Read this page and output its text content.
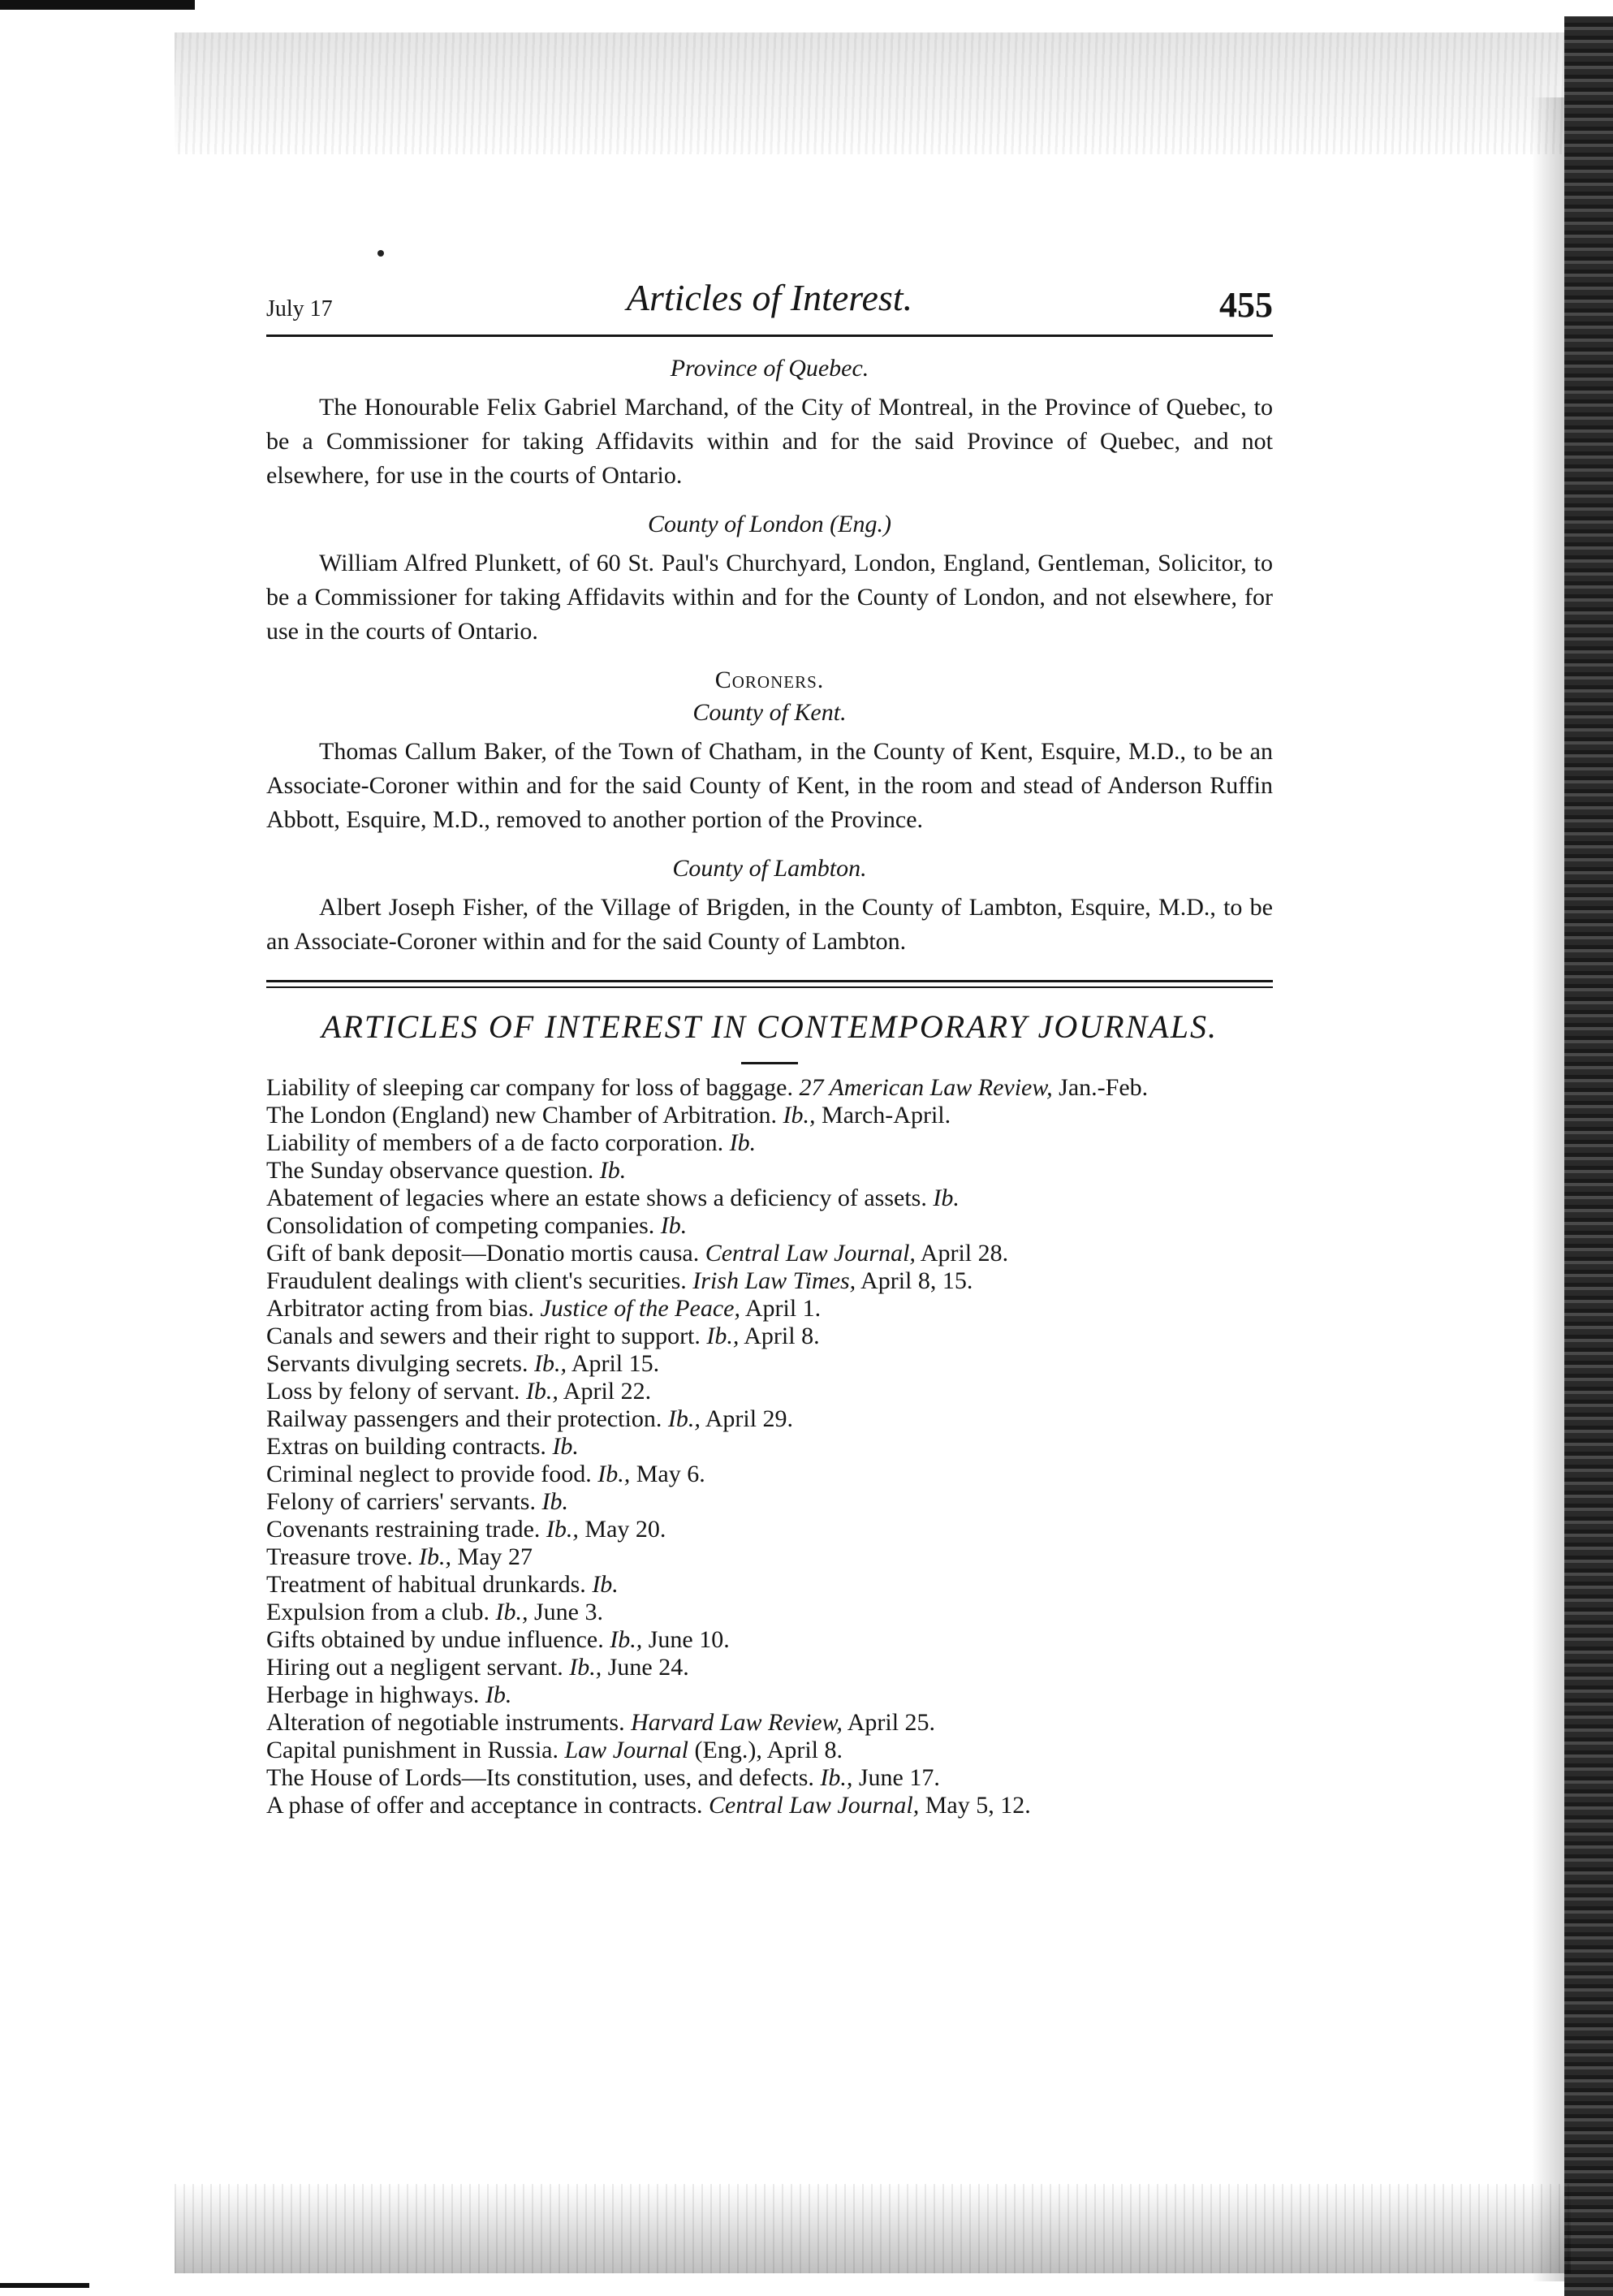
July 17	Articles of Interest.	455
Province of Quebec.

The Honourable Felix Gabriel Marchand, of the City of Montreal, in the Province of Quebec, to be a Commissioner for taking Affidavits within and for the said Province of Quebec, and not elsewhere, for use in the courts of Ontario.

County of London (Eng.)

William Alfred Plunkett, of 60 St. Paul's Churchyard, London, England, Gentleman, Solicitor, to be a Commissioner for taking Affidavits within and for the County of London, and not elsewhere, for use in the courts of Ontario.

Coroners.
County of Kent.

Thomas Callum Baker, of the Town of Chatham, in the County of Kent, Esquire, M.D., to be an Associate-Coroner within and for the said County of Kent, in the room and stead of Anderson Ruffin Abbott, Esquire, M.D., removed to another portion of the Province.

County of Lambton.

Albert Joseph Fisher, of the Village of Brigden, in the County of Lambton, Esquire, M.D., to be an Associate-Coroner within and for the said County of Lambton.

ARTICLES OF INTEREST IN CONTEMPORARY JOURNALS.
Liability of sleeping car company for loss of baggage. 27 American Law Review, Jan.-Feb.
The London (England) new Chamber of Arbitration. Ib., March-April.
Liability of members of a de facto corporation. Ib.
The Sunday observance question. Ib.
Abatement of legacies where an estate shows a deficiency of assets. Ib.
Consolidation of competing companies. Ib.
Gift of bank deposit—Donatio mortis causa. Central Law Journal, April 28.
Fraudulent dealings with client's securities. Irish Law Times, April 8, 15.
Arbitrator acting from bias. Justice of the Peace, April 1.
Canals and sewers and their right to support. Ib., April 8.
Servants divulging secrets. Ib., April 15.
Loss by felony of servant. Ib., April 22.
Railway passengers and their protection. Ib., April 29.
Extras on building contracts. Ib.
Criminal neglect to provide food. Ib., May 6.
Felony of carriers' servants. Ib.
Covenants restraining trade. Ib., May 20.
Treasure trove. Ib., May 27
Treatment of habitual drunkards. Ib.
Expulsion from a club. Ib., June 3.
Gifts obtained by undue influence. Ib., June 10.
Hiring out a negligent servant. Ib., June 24.
Herbage in highways. Ib.
Alteration of negotiable instruments. Harvard Law Review, April 25.
Capital punishment in Russia. Law Journal (Eng.), April 8.
The House of Lords—Its constitution, uses, and defects. Ib., June 17.
A phase of offer and acceptance in contracts. Central Law Journal, May 5, 12.
